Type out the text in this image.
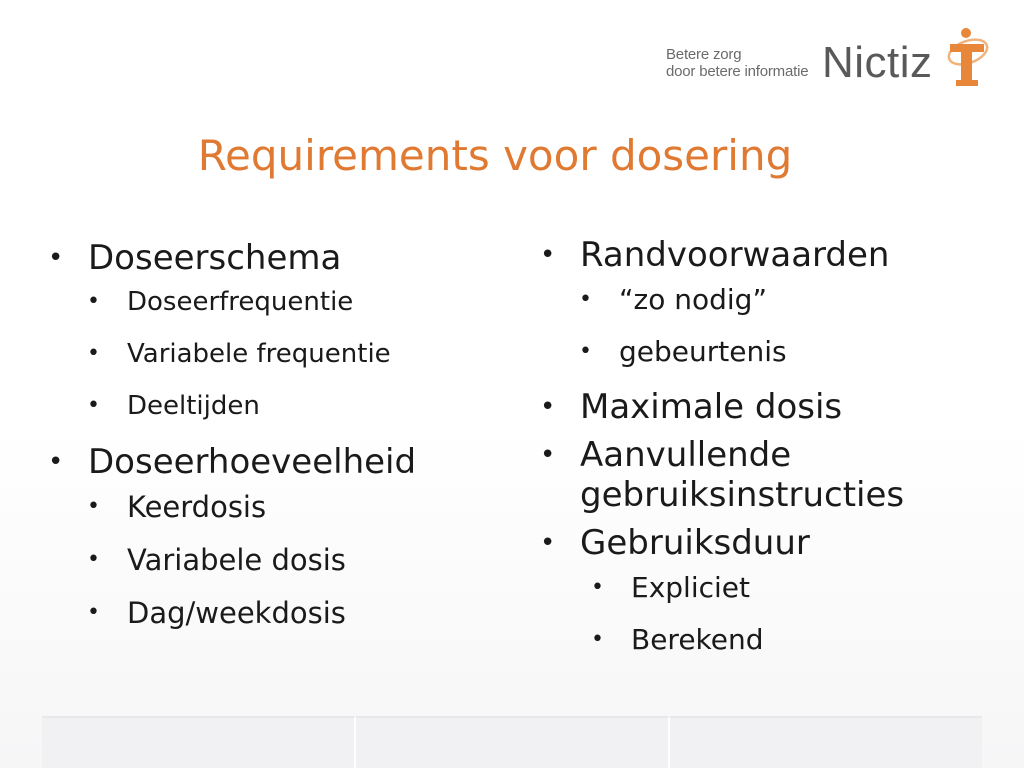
Betere zorg
door betere informatie Nictiz
Requirements voor dosering
• Doseerschema
• Doseerfrequentie
• Variabele frequentie
• Deeltijden
• Doseerhoeveelheid
• Keerdosis
• Variabele dosis
• Dag/weekdosis
• Randvoorwaarden
• “zo nodig”
• gebeurtenis
• Maximale dosis
• Aanvullende gebruiksinstructies
• Gebruiksduur
• Expliciet
• Berekend
